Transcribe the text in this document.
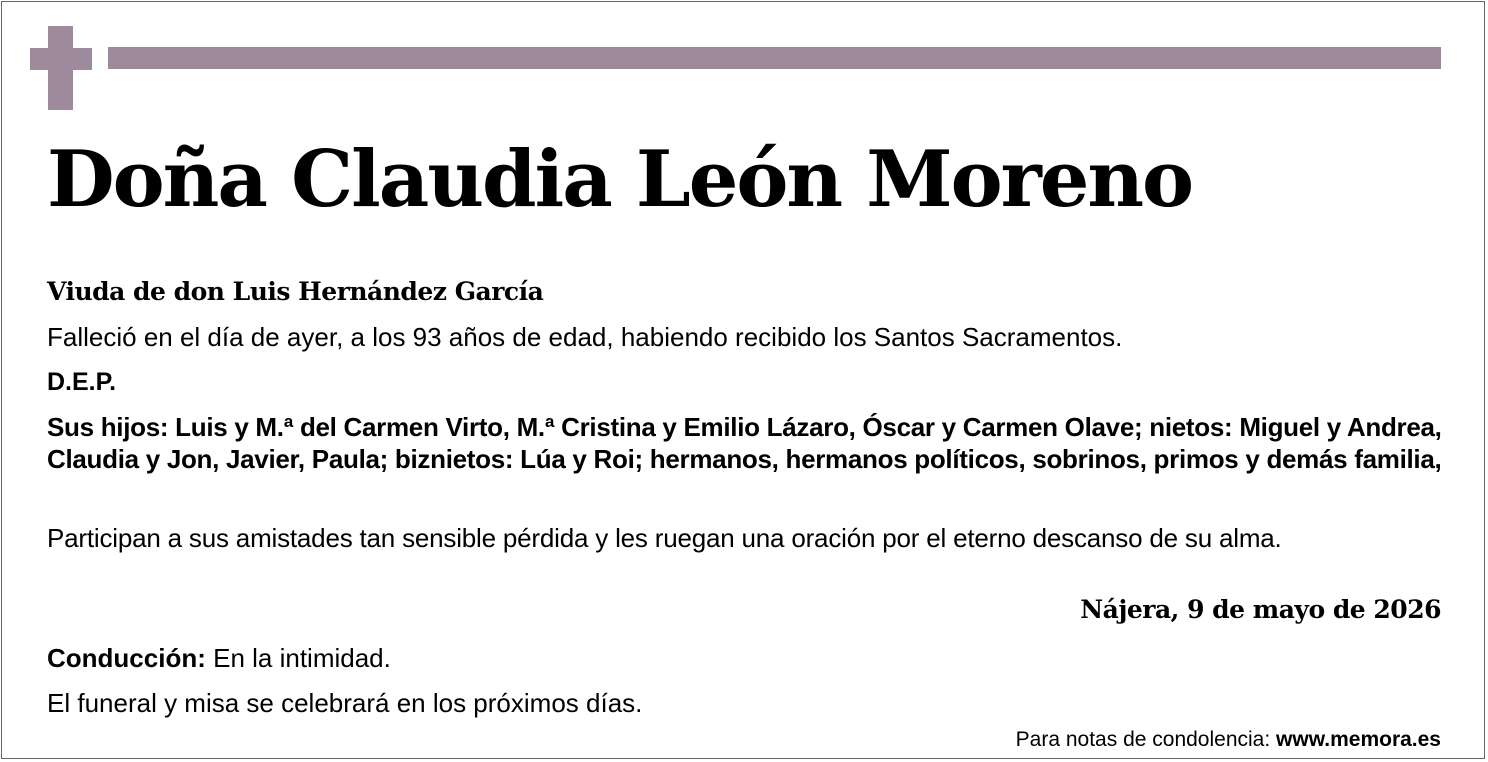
Doña Claudia León Moreno
Viuda de don Luis Hernández García
Falleció en el día de ayer, a los 93 años de edad, habiendo recibido los Santos Sacramentos.
D.E.P.
Sus hijos: Luis y M.ª del Carmen Virto, M.ª Cristina y Emilio Lázaro, Óscar y Carmen Olave; nietos: Miguel y Andrea, Claudia y Jon, Javier, Paula; biznietos: Lúa y Roi; hermanos, hermanos políticos, sobrinos, primos y demás familia,
Participan a sus amistades tan sensible pérdida y les ruegan una oración por el eterno descanso de su alma.
Nájera, 9 de mayo de 2026
Conducción: En la intimidad.
El funeral y misa se celebrará en los próximos días.
Para notas de condolencia: www.memora.es
